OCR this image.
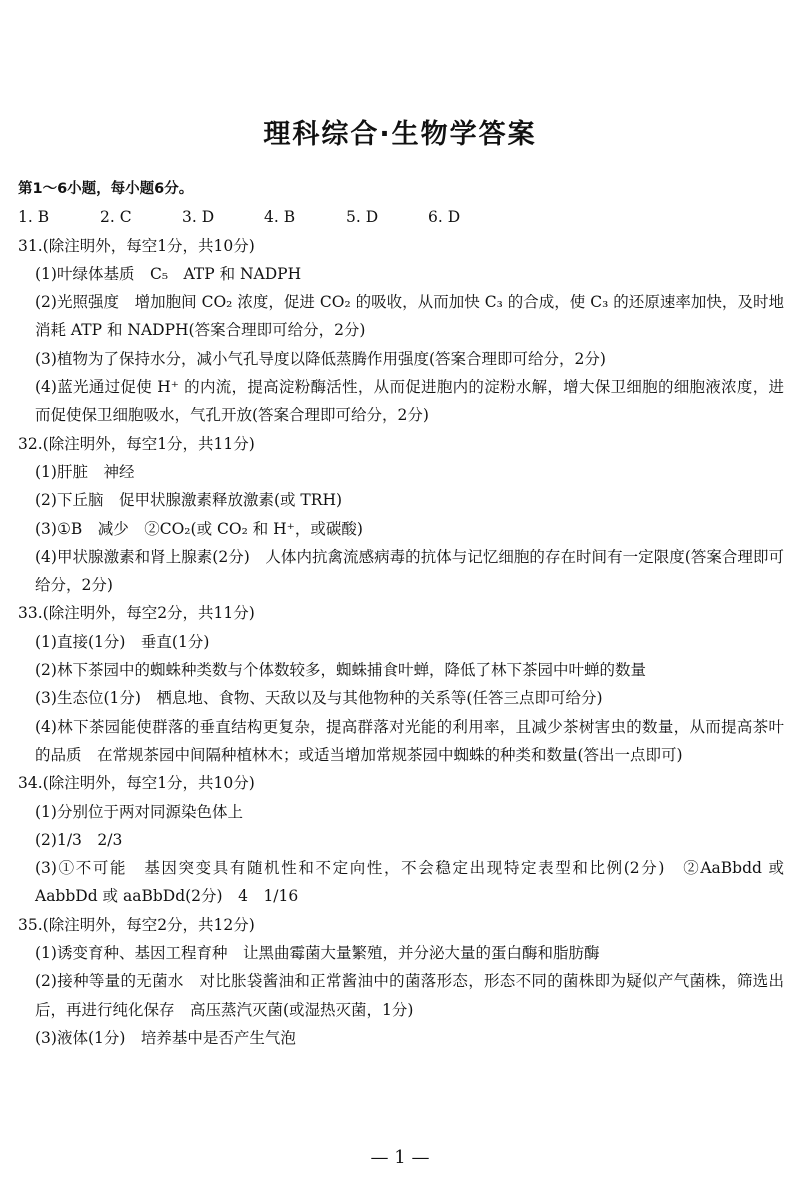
理科综合·生物学答案

第1～6小题，每小题6分。

1. B	2. C	3. D	4. B	5. D	6. D

31.(除注明外，每空1分，共10分)

(1)叶绿体基质　C₅　ATP 和 NADPH

(2)光照强度　增加胞间 CO₂ 浓度，促进 CO₂ 的吸收，从而加快 C₃ 的合成，使 C₃ 的还原速率加快，及时地消耗 ATP 和 NADPH(答案合理即可给分，2分)

(3)植物为了保持水分，减小气孔导度以降低蒸腾作用强度(答案合理即可给分，2分)

(4)蓝光通过促使 H⁺ 的内流，提高淀粉酶活性，从而促进胞内的淀粉水解，增大保卫细胞的细胞液浓度，进而促使保卫细胞吸水，气孔开放(答案合理即可给分，2分)

32.(除注明外，每空1分，共11分)

(1)肝脏　神经

(2)下丘脑　促甲状腺激素释放激素(或 TRH)

(3)①B　减少　②CO₂(或 CO₂ 和 H⁺，或碳酸)

(4)甲状腺激素和肾上腺素(2分)　人体内抗禽流感病毒的抗体与记忆细胞的存在时间有一定限度(答案合理即可给分，2分)

33.(除注明外，每空2分，共11分)

(1)直接(1分)　垂直(1分)

(2)林下茶园中的蜘蛛种类数与个体数较多，蜘蛛捕食叶蝉，降低了林下茶园中叶蝉的数量

(3)生态位(1分)　栖息地、食物、天敌以及与其他物种的关系等(任答三点即可给分)

(4)林下茶园能使群落的垂直结构更复杂，提高群落对光能的利用率，且减少茶树害虫的数量，从而提高茶叶的品质　在常规茶园中间隔种植林木；或适当增加常规茶园中蜘蛛的种类和数量(答出一点即可)

34.(除注明外，每空1分，共10分)

(1)分别位于两对同源染色体上

(2)1/3　2/3

(3)①不可能　基因突变具有随机性和不定向性，不会稳定出现特定表型和比例(2分)　②AaBbdd 或 AabbDd 或 aaBbDd(2分)　4　1/16

35.(除注明外，每空2分，共12分)

(1)诱变育种、基因工程育种　让黑曲霉菌大量繁殖，并分泌大量的蛋白酶和脂肪酶

(2)接种等量的无菌水　对比胀袋酱油和正常酱油中的菌落形态，形态不同的菌株即为疑似产气菌株，筛选出后，再进行纯化保存　高压蒸汽灭菌(或湿热灭菌，1分)

(3)液体(1分)　培养基中是否产生气泡

— 1 —
